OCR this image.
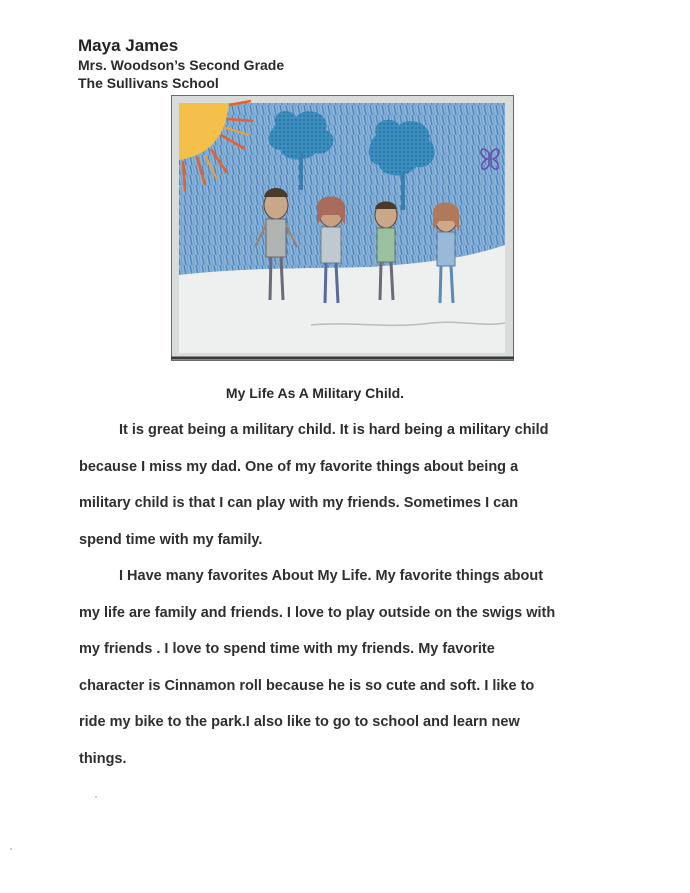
Maya James
Mrs. Woodson’s Second Grade
The Sullivans School
My Life As A Military Child.
It is great being a military child. It is hard being a military child
because I miss my dad. One of my favorite things about being a
military child is that I can play with my friends. Sometimes I can
spend time with my family.
I Have many favorites About My Life. My favorite things about
my life are family and friends. I love to play outside on the swigs with
my friends . I love to spend time with my friends. My favorite
character is Cinnamon roll because he is so cute and soft. I like to
ride my bike to the park.I also like to go to school and learn new
things.
